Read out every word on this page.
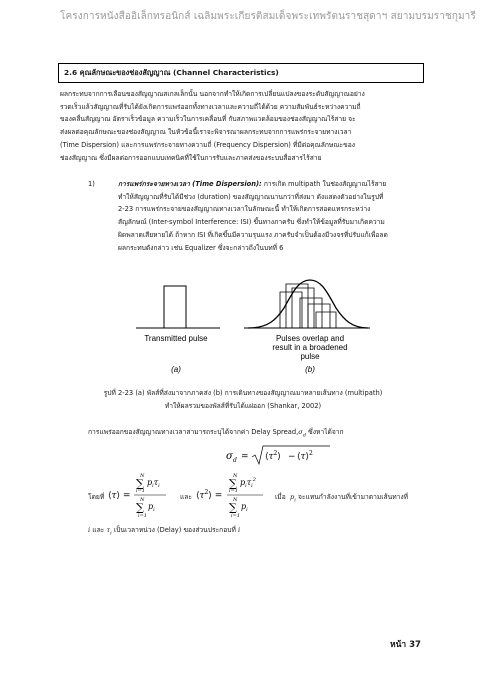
โครงการหนังสืออิเล็กทรอนิกส์ เฉลิมพระเกียรติสมเด็จพระเทพรัตนราชสุดาฯ สยามบรมราชกุมารี
2.6 คุณลักษณะของช่องสัญญาณ (Channel Characteristics)
ผลกระทบจากการเลือนของสัญญาณสเกลเล็กนั้น นอกจากทำให้เกิดการเปลี่ยนแปลงของระดับสัญญาณอย่าง
รวดเร็วแล้วสัญญาณที่รับได้ยังเกิดการแพร่ออกทั้งทางเวลาและความถี่ได้ด้วย ความสัมพันธ์ระหว่างความถี่
ของคลื่นสัญญาณ อัตราเร็วข้อมูล ความเร็วในการเคลื่อนที่ กับสภาพแวดล้อมของช่องสัญญาณไร้สาย จะ
ส่งผลต่อคุณลักษณะของช่องสัญญาณ ในหัวข้อนี้เราจะพิจารณาผลกระทบจากการแพร่กระจายทางเวลา
(Time Dispersion) และการแพร่กระจายทางความถี่ (Frequency Dispersion) ที่มีต่อคุณลักษณะของ
ช่องสัญญาณ ซึ่งมีผลต่อการออกแบบเทคนิคที่ใช้ในการรับและภาคส่งของระบบสื่อสารไร้สาย
1)	การแพร่กระจายทางเวลา (Time Dispersion): การเกิด multipath ในช่องสัญญาณไร้สาย
ทำให้สัญญาณที่รับได้มีช่วง (duration) ของสัญญาณนานกว่าที่ส่งมา ดังแสดงตัวอย่างในรูปที่
2-23 การแพร่กระจายของสัญญาณทางเวลาในลักษณะนี้ ทำให้เกิดการสอดแทรกระหว่าง
สัญลักษณ์ (Inter-symbol Interference: ISI) ขึ้นทางภาครับ ซึ่งทำให้ข้อมูลที่รับมาเกิดความ
ผิดพลาดเสียหายได้ ถ้าหาก ISI ที่เกิดขึ้นมีความรุนแรง ภาครับจำเป็นต้องมีวงจรที่ปรับแก้เพื่อลด
ผลกระทบดังกล่าว เช่น Equalizer ซึ่งจะกล่าวถึงในบทที่ 6
Transmitted pulse	Pulses overlap and
result in a broadened
pulse
(a)	(b)
รูปที่ 2-23 (a) พัลส์ที่ส่งมาจากภาคส่ง (b) การเดินทางของสัญญาณมาหลายเส้นทาง (multipath)
ทำให้ผลรวมของพัลส์ที่รับได้แผ่ออก (Shankar, 2002)
การแพร่ออกของสัญญาณทางเวลาสามารถระบุได้จากค่า Delay $Spread,\sigma_d$ ซึ่งหาได้จาก
σ $d = ⟨\tau^2⟩$ − ⟨τ⟩$^2$
โดยที่ ⟨τ⟩ =
N
∑ $p_i\tau_i$
i=1
N
∑ $p_i$
i=1
และ $⟨\tau^2⟩$ =
N
∑ $p_i\tau_i^2$
i=1
N
∑ $p_i$
i=1
เมื่อ $p_i$ จะแทนกำลังงานที่เข้ามาตามเส้นทางที่
i และ $\tau_i$ เป็นเวลาหน่วง (Delay) ของส่วนประกอบที่ i
หน้า 37
